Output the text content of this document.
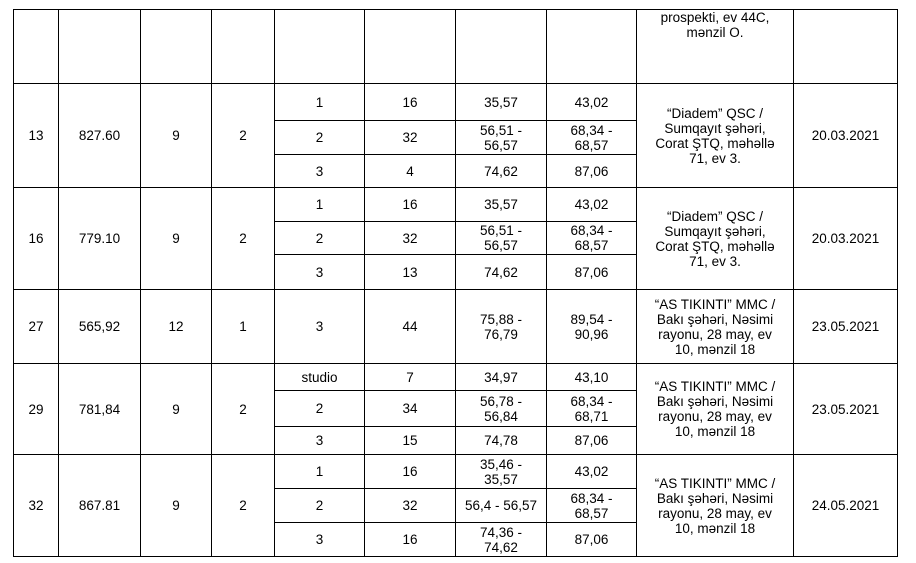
								prospekti, ev 44C,
mənzil O.	

13	827.60	9	2	1	16	35,57	43,02	“Diadem” QSC /
Sumqayıt şəhəri,
Corat ŞTQ, məhəllə
71, ev 3.	20.03.2021

				2	32	56,51 -
56,57	68,34 -
68,57		

				3	4	74,62	87,06		

16	779.10	9	2	1	16	35,57	43,02	“Diadem” QSC /
Sumqayıt şəhəri,
Corat ŞTQ, məhəllə
71, ev 3.	20.03.2021

				2	32	56,51 -
56,57	68,34 -
68,57		

				3	13	74,62	87,06		

27	565,92	12	1	3	44	75,88 -
76,79	89,54 -
90,96	“AS TIKINTI” MMC /
Bakı şəhəri, Nəsimi
rayonu, 28 may, ev
10, mənzil 18	23.05.2021

29	781,84	9	2	studio	7	34,97	43,10	“AS TIKINTI” MMC /
Bakı şəhəri, Nəsimi
rayonu, 28 may, ev
10, mənzil 18	23.05.2021

				2	34	56,78 -
56,84	68,34 -
68,71		

				3	15	74,78	87,06		

32	867.81	9	2	1	16	35,46 -
35,57	43,02	“AS TIKINTI” MMC /
Bakı şəhəri, Nəsimi
rayonu, 28 may, ev
10, mənzil 18	24.05.2021

				2	32	56,4 - 56,57	68,34 -
68,57		

				3	16	74,36 -
74,62	87,06		
